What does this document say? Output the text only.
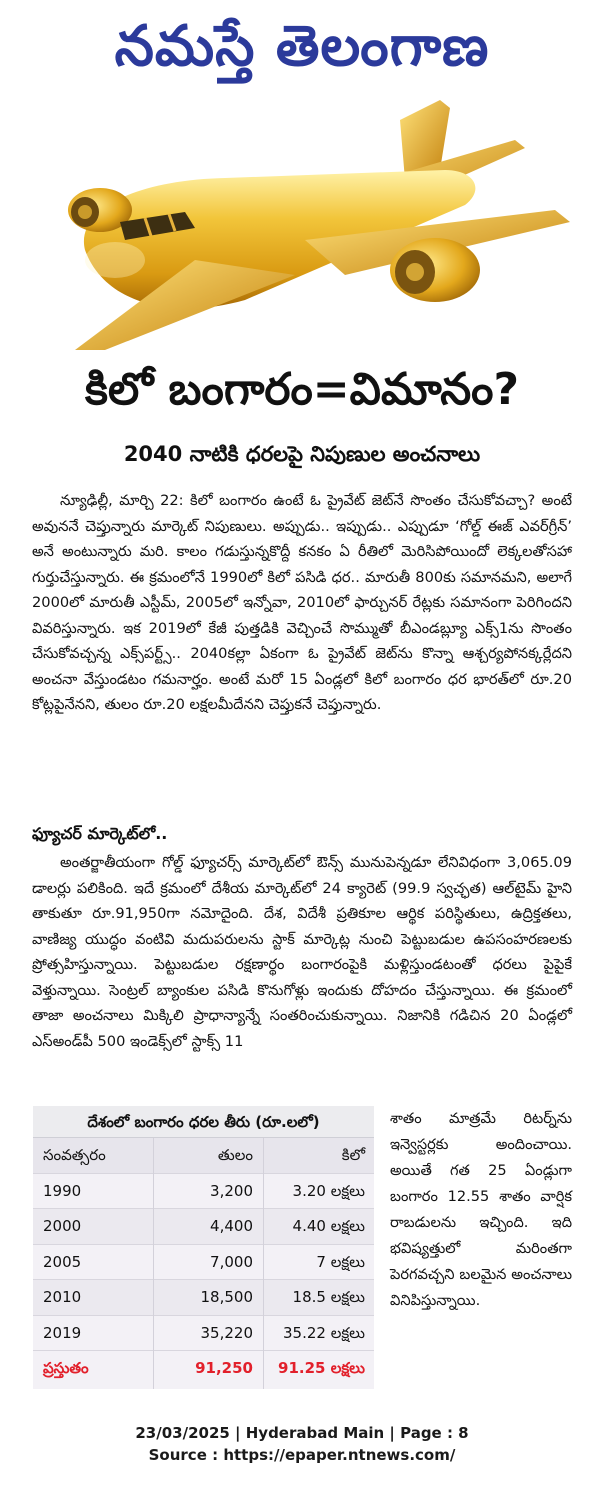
నమస్తే తెలంగాణ
కిలో బంగారం=విమానం?
2040 నాటికి ధరలపై నిపుణుల అంచనాలు

న్యూఢిల్లీ, మార్చి 22: కిలో బంగారం ఉంటే ఓ ప్రైవేట్ జెట్‌నే సొంతం చేసుకోవచ్చా? అంటే అవుననే చెప్తున్నారు మార్కెట్ నిపుణులు. అప్పుడు.. ఇప్పుడు.. ఎప్పుడూ ‘గోల్డ్ ఈజ్ ఎవర్‌గ్రీన్’ అనే అంటున్నారు మరి. కాలం గడుస్తున్నకొద్దీ కనకం ఏ రీతిలో మెరిసిపోయిందో లెక్కలతోసహా గుర్తుచేస్తున్నారు. ఈ క్రమంలోనే 1990లో కిలో పసిడి ధర.. మారుతీ 800కు సమానమని, అలాగే 2000లో మారుతీ ఎస్టీమ్, 2005లో ఇన్నోవా, 2010లో ఫార్చునర్ రేట్లకు సమానంగా పెరిగిందని వివరిస్తున్నారు. ఇక 2019లో కేజీ పుత్తడికి వెచ్చించే సొమ్ముతో బీఎండబ్ల్యూ ఎక్స్1ను సొంతం చేసుకోవచ్చన్న ఎక్స్‌పర్ట్స్.. 2040కల్లా ఏకంగా ఓ ప్రైవేట్ జెట్‌ను కొన్నా ఆశ్చర్యపోనక్కర్లేదని అంచనా వేస్తుండటం గమనార్హం. అంటే మరో 15 ఏండ్లలో కిలో బంగారం ధర భారత్‌లో రూ.20 కోట్లపైనేనని, తులం రూ.20 లక్షలమీదేనని చెప్తుకనే చెప్తున్నారు.

ఫ్యూచర్ మార్కెట్‌లో..

అంతర్జాతీయంగా గోల్డ్ ఫ్యూచర్స్ మార్కెట్‌లో ఔన్స్ మునుపెన్నడూ లేనివిధంగా 3,065.09 డాలర్లు పలికింది. ఇదే క్రమంలో దేశీయ మార్కెట్‌లో 24 క్యారెట్ (99.9 స్వచ్ఛత) ఆల్‌టైమ్ హైని తాకుతూ రూ.91,950గా నమోదైంది. దేశ, విదేశీ ప్రతికూల ఆర్థిక పరిస్థితులు, ఉద్రిక్తతలు, వాణిజ్య యుద్ధం వంటివి మదుపరులను స్టాక్ మార్కెట్ల నుంచి పెట్టుబడుల ఉపసంహరణలకు ప్రోత్సహిస్తున్నాయి. పెట్టుబడుల రక్షణార్థం బంగారంపైకి మళ్లిస్తుండటంతో ధరలు పైపైకే వెళ్తున్నాయి. సెంట్రల్ బ్యాంకుల పసిడి కొనుగోళ్లు ఇందుకు దోహదం చేస్తున్నాయి. ఈ క్రమంలో తాజా అంచనాలు మిక్కిలి ప్రాధాన్యాన్నే సంతరించుకున్నాయి. నిజానికి గడిచిన 20 ఏండ్లలో ఎస్అండ్‌పీ 500 ఇండెక్స్‌లో స్టాక్స్ 11

దేశంలో బంగారం ధరల తీరు (రూ.లలో)
సంవత్సరం	తులం	కిలో
1990	3,200	3.20 లక్షలు
2000	4,400	4.40 లక్షలు
2005	7,000	7 లక్షలు
2010	18,500	18.5 లక్షలు
2019	35,220	35.22 లక్షలు
ప్రస్తుతం	91,250	91.25 లక్షలు

శాతం మాత్రమే రిటర్న్‌ను ఇన్వెస్టర్లకు అందించాయి. అయితే గత 25 ఏండ్లుగా బంగారం 12.55 శాతం వార్షిక రాబడులను ఇచ్చింది. ఇది భవిష్యత్తులో మరింతగా పెరగవచ్చని బలమైన అంచనాలు వినిపిస్తున్నాయి.

23/03/2025 | Hyderabad Main | Page : 8
Source : https://epaper.ntnews.com/
